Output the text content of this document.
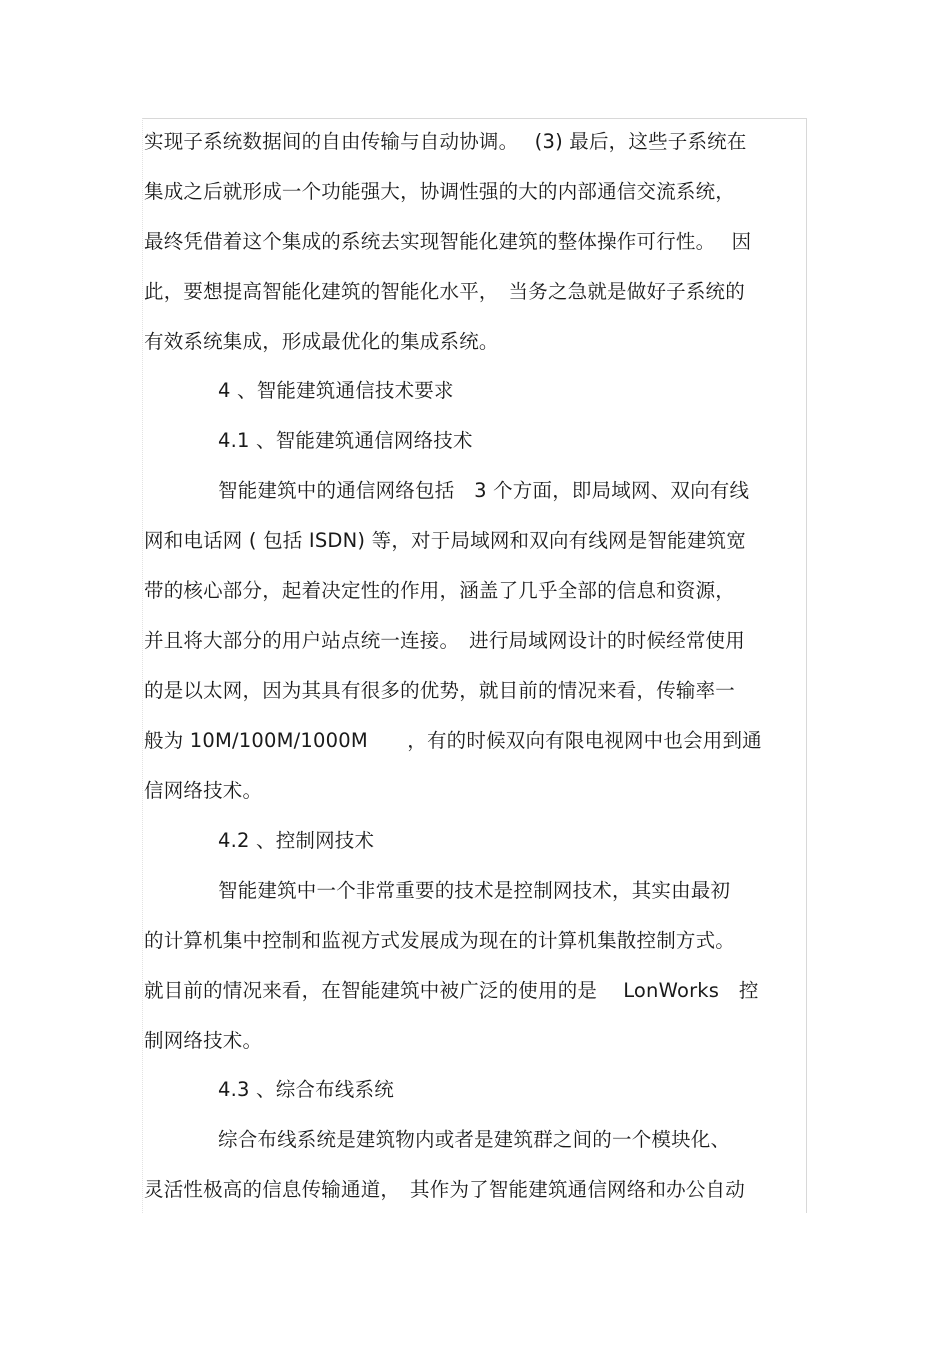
实现子系统数据间的自由传输与自动协调。　 (3) 最后，这些子系统在
集成之后就形成一个功能强大，协调性强的大的内部通信交流系统，
最终凭借着这个集成的系统去实现智能化建筑的整体操作可行性。　 因
此，要想提高智能化建筑的智能化水平，　当务之急就是做好子系统的
有效系统集成，形成最优化的集成系统。
4 、智能建筑通信技术要求
4.1 、智能建筑通信网络技术
智能建筑中的通信网络包括　3 个方面，即局域网、双向有线
网和电话网 ( 包括 ISDN) 等，对于局域网和双向有线网是智能建筑宽
带的核心部分，起着决定性的作用，涵盖了几乎全部的信息和资源，
并且将大部分的用户站点统一连接。　进行局域网设计的时候经常使用
的是以太网，因为其具有很多的优势，就目前的情况来看，传输率一
般为 10M/100M/1000M　　，有的时候双向有限电视网中也会用到通
信网络技术。
4.2 、控制网技术
智能建筑中一个非常重要的技术是控制网技术，其实由最初
的计算机集中控制和监视方式发展成为现在的计算机集散控制方式。
就目前的情况来看，在智能建筑中被广泛的使用的是　 LonWorks　控
制网络技术。
4.3 、综合布线系统
综合布线系统是建筑物内或者是建筑群之间的一个模块化、
灵活性极高的信息传输通道，　其作为了智能建筑通信网络和办公自动
